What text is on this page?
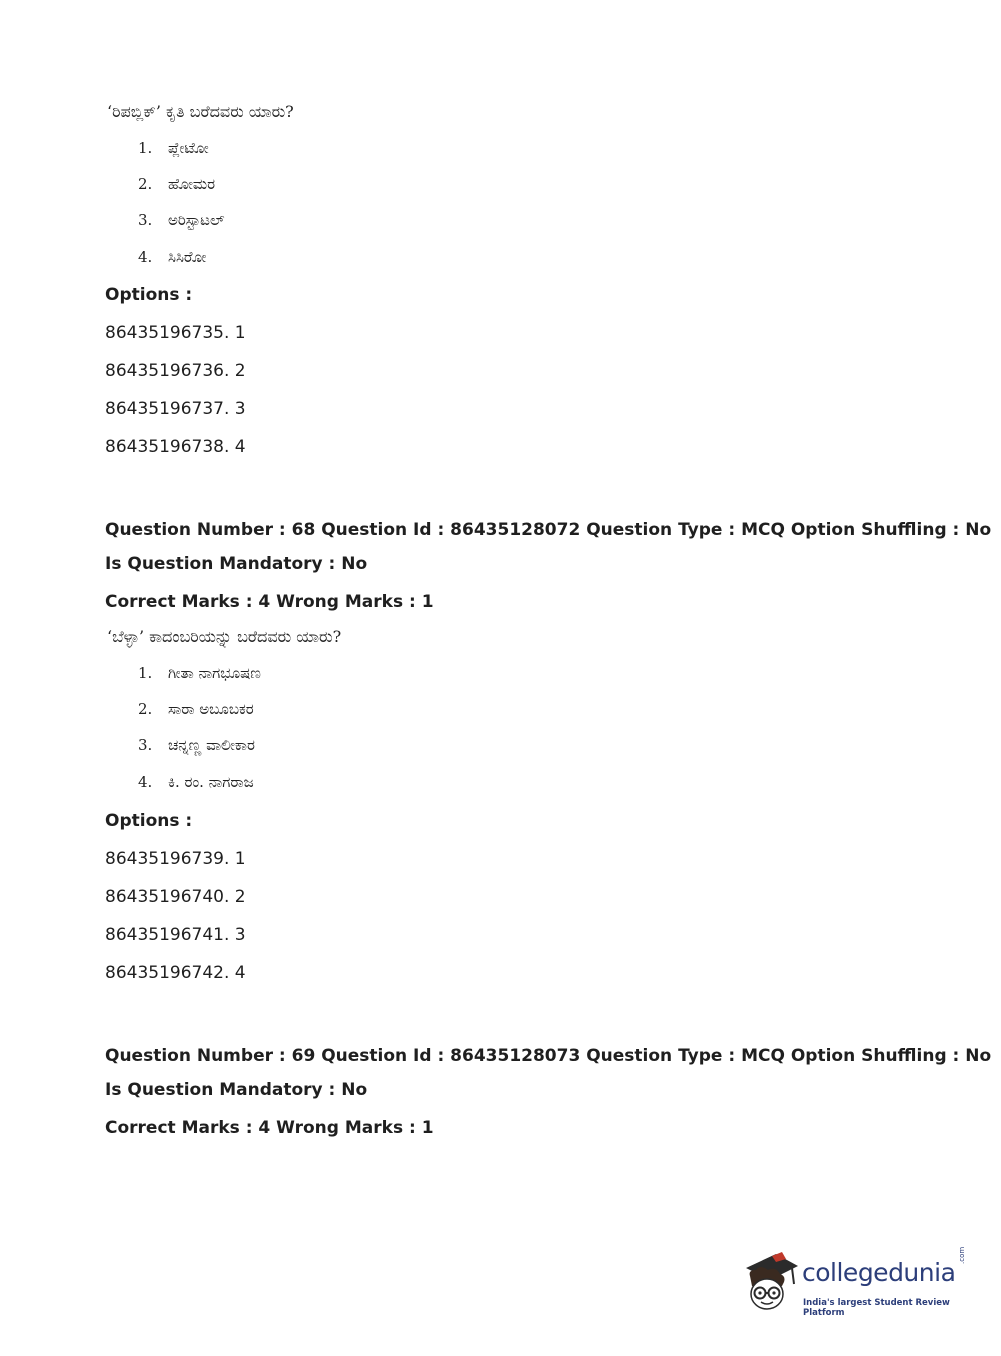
‘ರಿಪಬ್ಲಿಕ್’ ಕೃತಿ ಬರೆದವರು ಯಾರು?
1. ಪ್ಲೇಟೋ
2. ಹೋಮರ
3. ಅರಿಸ್ಟಾಟಲ್
4. ಸಿಸಿರೋ
Options :
86435196735. 1
86435196736. 2
86435196737. 3
86435196738. 4
Question Number : 68 Question Id : 86435128072 Question Type : MCQ Option Shuffling : No
Is Question Mandatory : No
Correct Marks : 4 Wrong Marks : 1
‘ಬೆಳ್ಳಾ’ ಕಾದಂಬರಿಯನ್ನು ಬರೆದವರು ಯಾರು?
1. ಗೀತಾ ನಾಗಭೂಷಣ
2. ಸಾರಾ ಅಬೂಬಕರ
3. ಚನ್ನಣ್ಣ ವಾಲೀಕಾರ
4. ಕಿ. ರಂ. ನಾಗರಾಜ
Options :
86435196739. 1
86435196740. 2
86435196741. 3
86435196742. 4
Question Number : 69 Question Id : 86435128073 Question Type : MCQ Option Shuffling : No
Is Question Mandatory : No
Correct Marks : 4 Wrong Marks : 1
collegedunia
.com
India's largest Student Review Platform
